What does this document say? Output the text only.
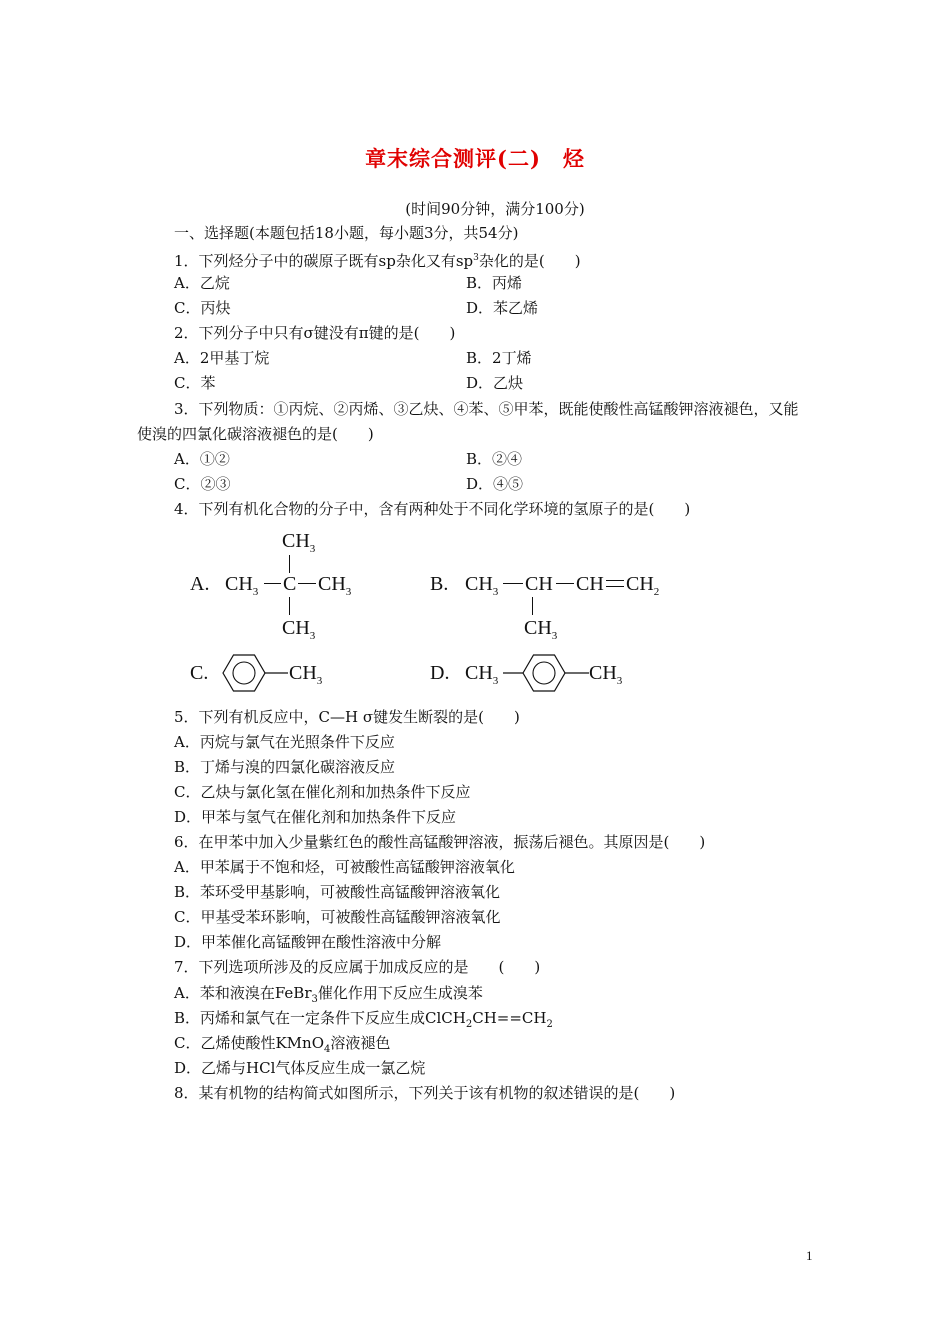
章末综合测评(二)　烃
(时间90分钟，满分100分)
一、选择题(本题包括18小题，每小题3分，共54分)
1．下列烃分子中的碳原子既有sp杂化又有$sp^3$杂化的是(　　)
A．乙烷	B．丙烯
C．丙炔	D．苯乙烯
2．下列分子中只有σ键没有π键的是(　　)
A．2甲基丁烷	B．2丁烯
C．苯	D．乙炔
3．下列物质：①丙烷、②丙烯、③乙炔、④苯、⑤甲苯，既能使酸性高锰酸钾溶液褪色，又能
使溴的四氯化碳溶液褪色的是(　　)
A．①②	B．②④
C．②③	D．④⑤
4．下列有机化合物的分子中，含有两种处于不同化学环境的氢原子的是(　　)
A.
$CH_3$
$CH_3$ C $CH_3$
$CH_3$
B. $CH_3$ CH CH $CH_2$
$CH_3$
C.	$CH_3$	D. $CH_3$	$CH_3$
5．下列有机反应中，C—H σ键发生断裂的是(　　)
A．丙烷与氯气在光照条件下反应
B．丁烯与溴的四氯化碳溶液反应
C．乙炔与氯化氢在催化剂和加热条件下反应
D．甲苯与氢气在催化剂和加热条件下反应
6．在甲苯中加入少量紫红色的酸性高锰酸钾溶液，振荡后褪色。其原因是(　　)
A．甲苯属于不饱和烃，可被酸性高锰酸钾溶液氧化
B．苯环受甲基影响，可被酸性高锰酸钾溶液氧化
C．甲基受苯环影响，可被酸性高锰酸钾溶液氧化
D．甲苯催化高锰酸钾在酸性溶液中分解
7．下列选项所涉及的反应属于加成反应的是　　(　　)
A．苯和液溴在FeBr$_3$催化作用下反应生成溴苯
B．丙烯和氯气在一定条件下反应生成$ClCH_2CH==CH_2$
C．乙烯使酸性KMnO$_4$溶液褪色
D．乙烯与HCl气体反应生成一氯乙烷
8．某有机物的结构简式如图所示，下列关于该有机物的叙述错误的是(　　)
1
